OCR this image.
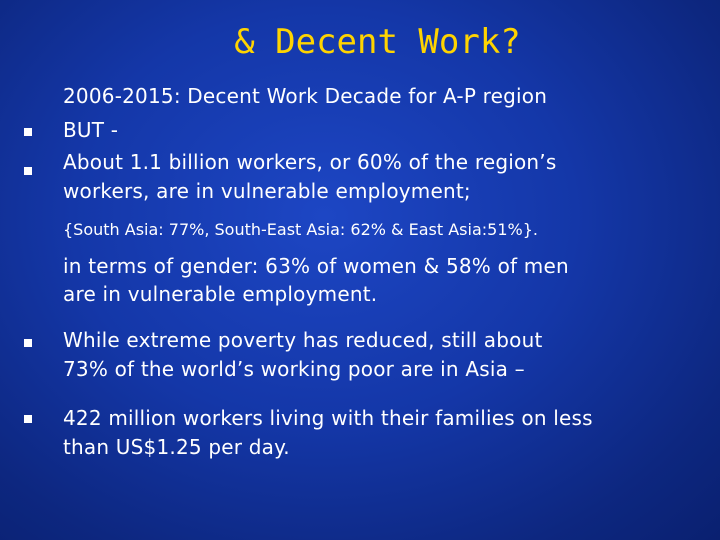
& Decent Work?
2006-2015: Decent Work Decade for A-P region
BUT -
About 1.1 billion workers, or 60% of the region’s
workers, are in vulnerable employment;
{South Asia: 77%, South-East Asia: 62% & East Asia:51%}.
in terms of gender: 63% of women & 58% of men
are in vulnerable employment.
While extreme poverty has reduced, still about
73% of the world’s working poor are in Asia –
422 million workers living with their families on less
than US$1.25 per day.
